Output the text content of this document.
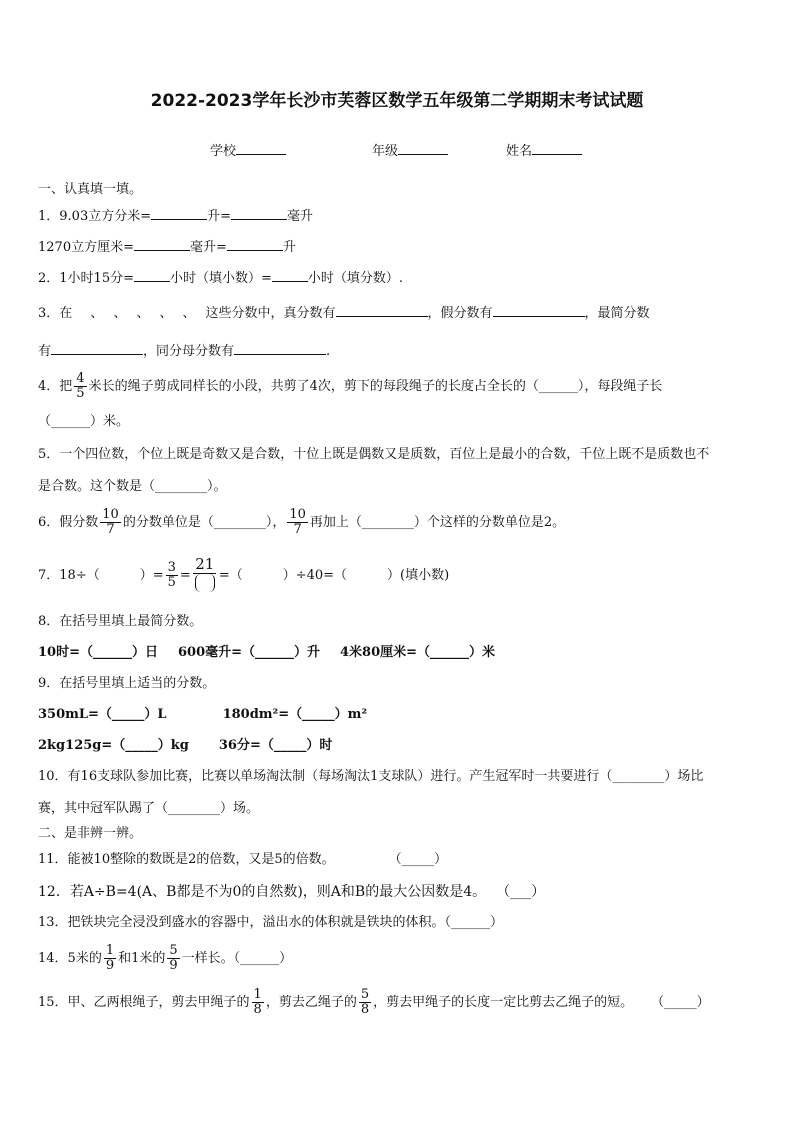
2022-2023学年长沙市芙蓉区数学五年级第二学期期末考试试题
学校	年级	姓名
一、认真填一填。
1．9.03立方分米=	升=	毫升
1270立方厘米=	毫升=	升
2．1小时15分=	小时（填小数）=	小时（填分数）.
3．在 、 、 、 、 、 这些分数中，真分数有	，假分数有	，最简分数
有	，同分母分数有	.
4．把 $\frac{4}{5}$ 米长的绳子剪成同样长的小段，共剪了4次，剪下的每段绳子的长度占全长的（______），每段绳子长
（______）米。
5．一个四位数，个位上既是奇数又是合数，十位上既是偶数又是质数，百位上是最小的合数，千位上既不是质数也不
是合数。这个数是（________）。
6．假分数 $\frac{10}{7}$ 的分数单位是（________）， $\frac{10}{7}$ 再加上（________）个这样的分数单位是2。
7．18÷（	）= $\frac{3}{5}$ =
21
=（	）÷40=（	）(填小数)
8．在括号里填上最简分数。
10时=（______）日 600毫升=（______）升 4米80厘米=（______）米
9．在括号里填上适当的分数。
350mL=（_____）L	180dm²=（_____）m²
2kg125g=（_____）kg 36分=（_____）时
10．有16支球队参加比赛，比赛以单场淘汰制（每场淘汰1支球队）进行。产生冠军时一共要进行（________）场比
赛，其中冠军队踢了（________）场。
二、是非辨一辨。
11．能被10整除的数既是2的倍数，又是5的倍数。	（_____）
12．若A÷B=4(A、B都是不为0的自然数)，则A和B的最大公因数是4。 （___）
13．把铁块完全浸没到盛水的容器中，溢出水的体积就是铁块的体积。（______）
14．5米的 $\frac{1}{9}$ 和1米的 $\frac{5}{9}$ 一样长。（______）
15．甲、乙两根绳子，剪去甲绳子的 $\frac{1}{8}$ ，剪去乙绳子的 $\frac{5}{8}$ ，剪去甲绳子的长度一定比剪去乙绳子的短。 （_____）
